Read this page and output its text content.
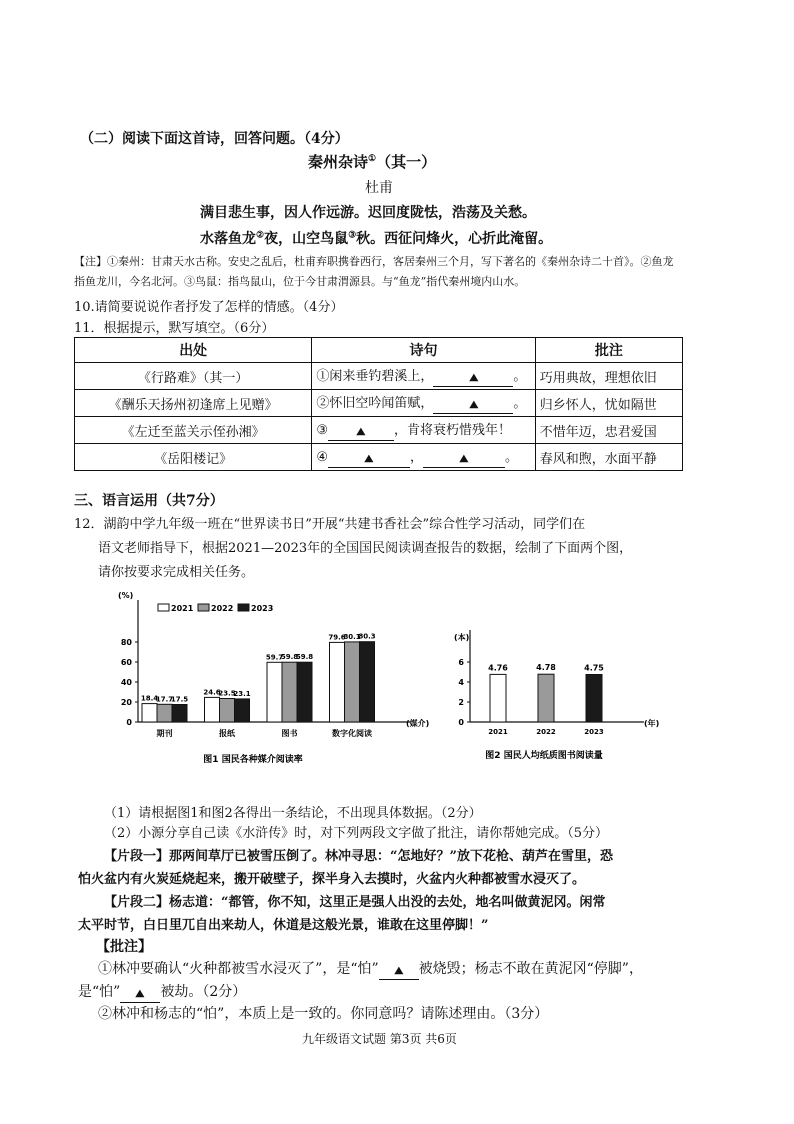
（二）阅读下面这首诗，回答问题。（4分）
秦州杂诗①（其一）
杜甫
满目悲生事，因人作远游。迟回度陇怯，浩荡及关愁。
水落鱼龙②夜，山空鸟鼠③秋。西征问烽火，心折此淹留。
【注】①秦州：甘肃天水古称。安史之乱后，杜甫弃职携眷西行，客居秦州三个月，写下著名的《秦州杂诗二十首》。②鱼龙
指鱼龙川，今名北河。③鸟鼠：指鸟鼠山，位于今甘肃渭源县。与“鱼龙”指代秦州境内山水。
10.请简要说说作者抒发了怎样的情感。（4分）
11．根据提示，默写填空。（6分）
出处	诗句	批注
《行路难》（其一）	①闲来垂钓碧溪上， ▲ 。	巧用典故，理想依旧
《酬乐天扬州初逢席上见赠》	②怀旧空吟闻笛赋， ▲ 。	归乡怀人，忧如隔世
《左迁至蓝关示侄孙湘》	③ ▲ ，肯将衰朽惜残年！	不惜年迈，忠君爱国
《岳阳楼记》	④ ▲ ， ▲ 。	春风和煦，水面平静
三、语言运用（共7分）
12．湖韵中学九年级一班在“世界读书日”开展“共建书香社会”综合性学习活动，同学们在
语文老师指导下，根据2021—2023年的全国国民阅读调查报告的数据，绘制了下面两个图，
请你按要求完成相关任务。
0
20
40
60
80
(%)
(媒介)
18.4
17.7
17.5
期刊
24.6
23.5
23.1
报纸
59.7
59.8
59.8
图书
79.6
80.1
80.3
数字化阅读
2021 2022 2023
图1 国民各种媒介阅读率
0
2
4
6
(本)
(年)
4.76
2021
4.78
2022
4.75
2023
图2 国民人均纸质图书阅读量
（1）请根据图1和图2各得出一条结论，不出现具体数据。（2分）
（2）小源分享自己读《水浒传》时，对下列两段文字做了批注，请你帮她完成。（5分）
【片段一】那两间草厅已被雪压倒了。林冲寻思：“怎地好？”放下花枪、葫芦在雪里，恐
怕火盆内有火炭延烧起来，搬开破壁子，探半身入去摸时，火盆内火种都被雪水浸灭了。
【片段二】杨志道：“都管，你不知，这里正是强人出没的去处，地名叫做黄泥冈。闲常
太平时节，白日里兀自出来劫人，休道是这般光景，谁敢在这里停脚！”
【批注】
①林冲要确认“火种都被雪水浸灭了”，是“怕” ▲ 被烧毁；杨志不敢在黄泥冈“停脚”，
是“怕” ▲ 被劫。（2分）
②林冲和杨志的“怕”，本质上是一致的。你同意吗？请陈述理由。（3分）
九年级语文试题 第3页 共6页
